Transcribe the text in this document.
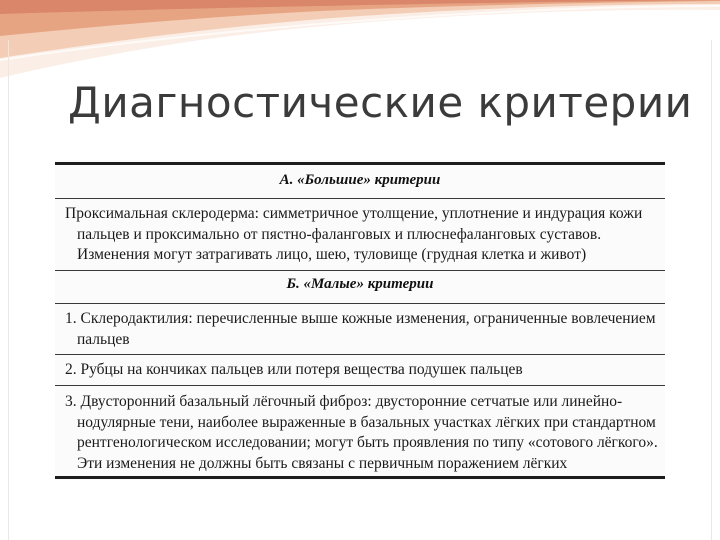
Диагностические критерии
А. «Большие» критерии

Проксимальная склеродерма: симметричное утолщение, уплотнение и индурация кожи

пальцев и проксимально от пястно-фаланговых и плюснефаланговых суставов.

Изменения могут затрагивать лицо, шею, туловище (грудная клетка и живот)

Б. «Малые» критерии

1. Склеродактилия: перечисленные выше кожные изменения, ограниченные вовлечением

пальцев

2. Рубцы на кончиках пальцев или потеря вещества подушек пальцев

3. Двусторонний базальный лёгочный фиброз: двусторонние сетчатые или линейно-

нодулярные тени, наиболее выраженные в базальных участках лёгких при стандартном

рентгенологическом исследовании; могут быть проявления по типу «сотового лёгкого».

Эти изменения не должны быть связаны с первичным поражением лёгких
